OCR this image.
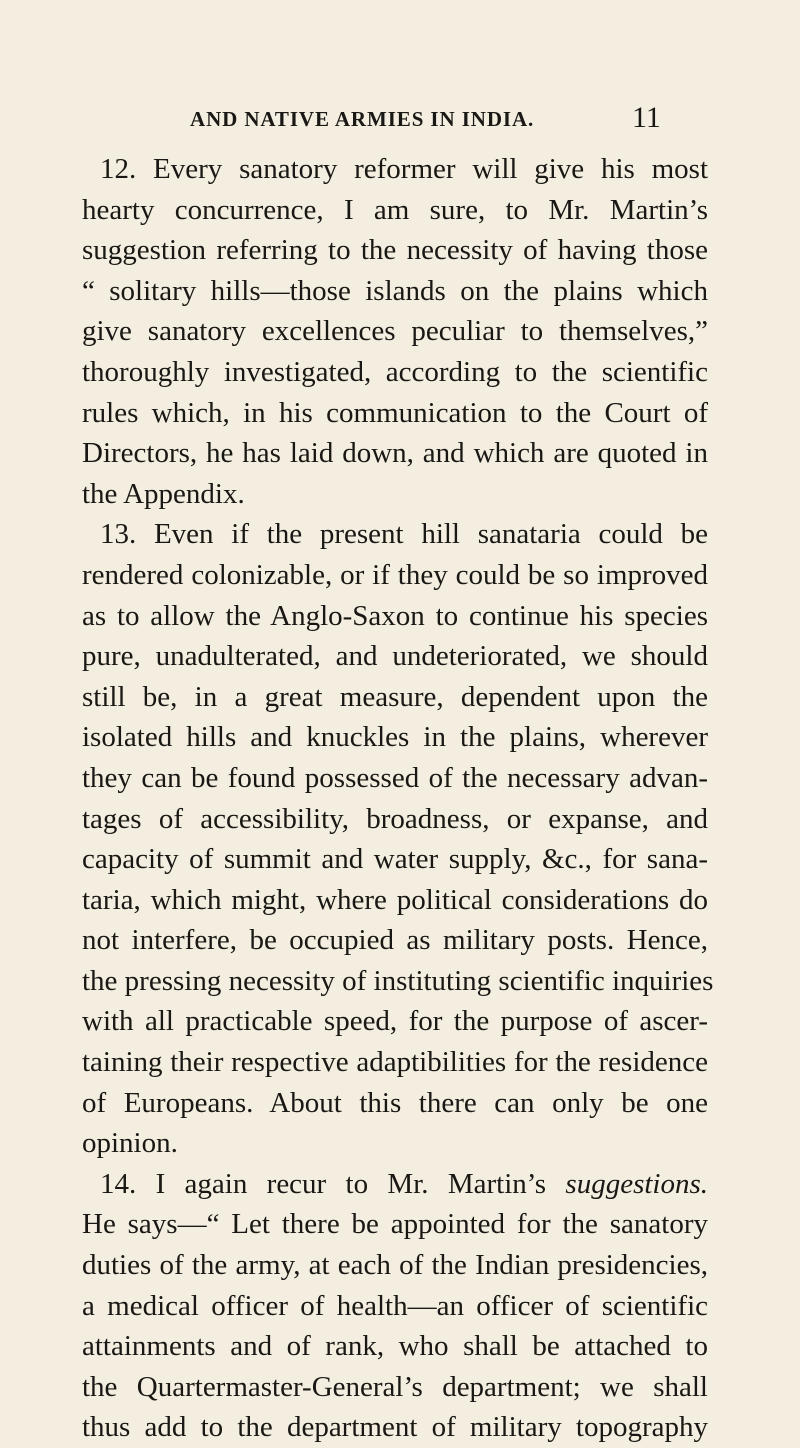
AND NATIVE ARMIES IN INDIA.	11
12. Every sanatory reformer will give his most
hearty concurrence, I am sure, to Mr. Martin’s
suggestion referring to the necessity of having those
“ solitary hills—those islands on the plains which
give sanatory excellences peculiar to themselves,”
thoroughly investigated, according to the scientific
rules which, in his communication to the Court of
Directors, he has laid down, and which are quoted in
the Appendix.
13. Even if the present hill sanataria could be
rendered colonizable, or if they could be so improved
as to allow the Anglo-Saxon to continue his species
pure, unadulterated, and undeteriorated, we should
still be, in a great measure, dependent upon the
isolated hills and knuckles in the plains, wherever
they can be found possessed of the necessary advan-
tages of accessibility, broadness, or expanse, and
capacity of summit and water supply, &c., for sana-
taria, which might, where political considerations do
not interfere, be occupied as military posts. Hence,
the pressing necessity of instituting scientific inquiries
with all practicable speed, for the purpose of ascer-
taining their respective adaptibilities for the residence
of Europeans. About this there can only be one
opinion.
14. I again recur to Mr. Martin’s suggestions.
He says—“ Let there be appointed for the sanatory
duties of the army, at each of the Indian presidencies,
a medical officer of health—an officer of scientific
attainments and of rank, who shall be attached to
the Quartermaster-General’s department; we shall
thus add to the department of military topography
